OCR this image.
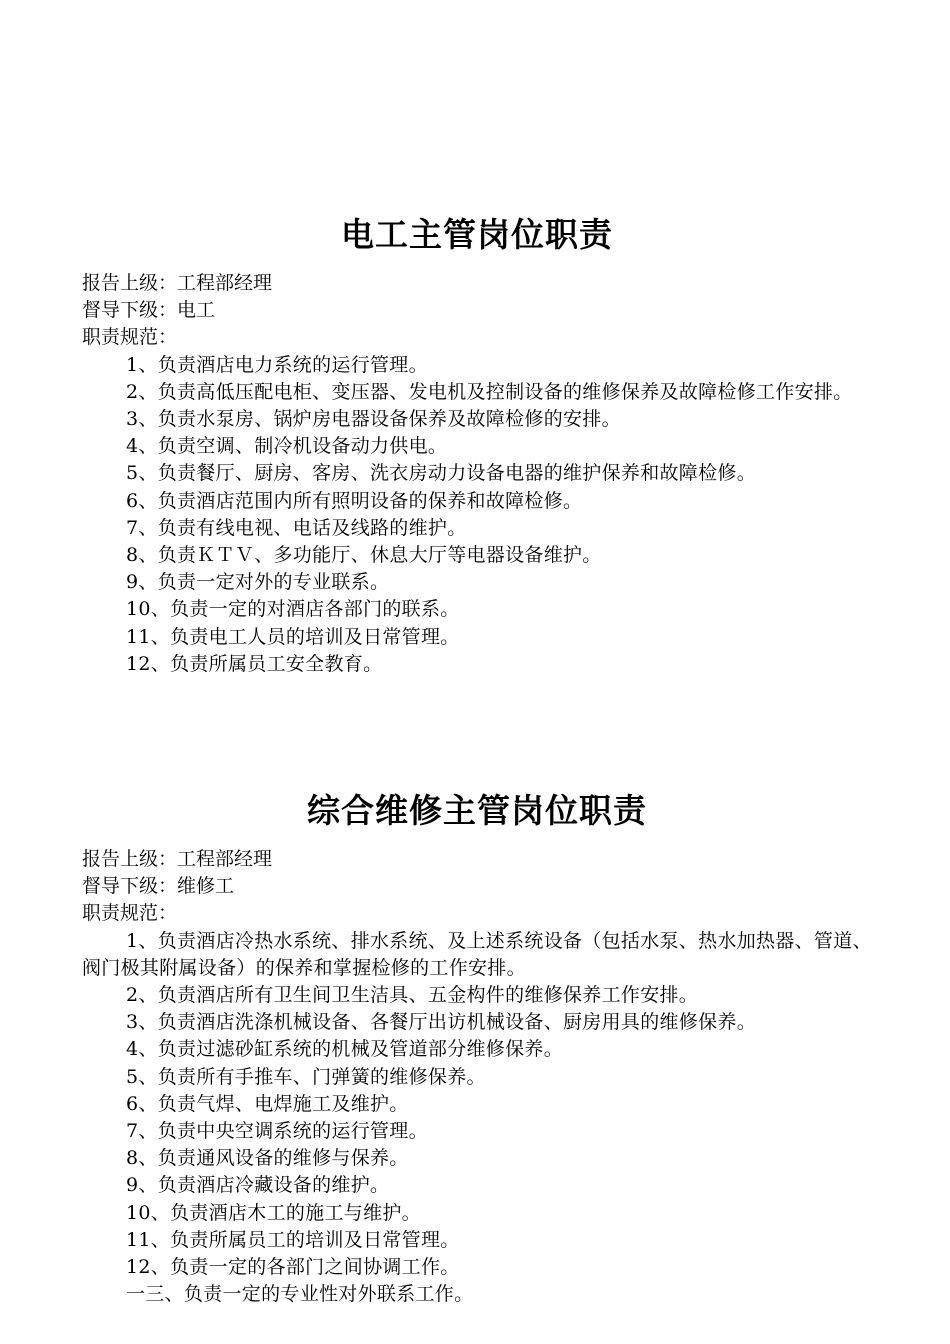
电工主管岗位职责

报告上级：工程部经理

督导下级：电工

职责规范：

1、负责酒店电力系统的运行管理。

2、负责高低压配电柜、变压器、发电机及控制设备的维修保养及故障检修工作安排。

3、负责水泵房、锅炉房电器设备保养及故障检修的安排。

4、负责空调、制冷机设备动力供电。

5、负责餐厅、厨房、客房、洗衣房动力设备电器的维护保养和故障检修。

6、负责酒店范围内所有照明设备的保养和故障检修。

7、负责有线电视、电话及线路的维护。

8、负责ＫＴＶ、多功能厅、休息大厅等电器设备维护。

9、负责一定对外的专业联系。

10、负责一定的对酒店各部门的联系。

11、负责电工人员的培训及日常管理。

12、负责所属员工安全教育。

综合维修主管岗位职责

报告上级：工程部经理

督导下级：维修工

职责规范：

1、负责酒店冷热水系统、排水系统、及上述系统设备（包括水泵、热水加热器、管道、阀门极其附属设备）的保养和掌握检修的工作安排。

2、负责酒店所有卫生间卫生洁具、五金构件的维修保养工作安排。

3、负责酒店洗涤机械设备、各餐厅出访机械设备、厨房用具的维修保养。

4、负责过滤砂缸系统的机械及管道部分维修保养。

5、负责所有手推车、门弹簧的维修保养。

6、负责气焊、电焊施工及维护。

7、负责中央空调系统的运行管理。

8、负责通风设备的维修与保养。

9、负责酒店冷藏设备的维护。

10、负责酒店木工的施工与维护。

11、负责所属员工的培训及日常管理。

12、负责一定的各部门之间协调工作。

一三、负责一定的专业性对外联系工作。
